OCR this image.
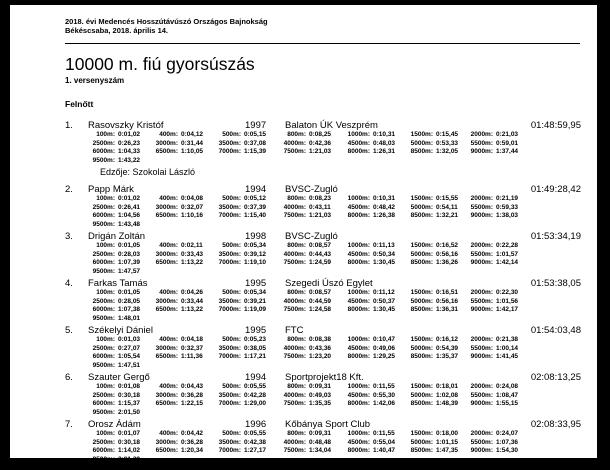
2018. évi Medencés Hosszútávúszó Országos Bajnokság
Békéscsaba, 2018. április 14.
10000 m. fiú gyorsúszás
1. versenyszám
Felnőtt
1.	Rasovszky Kristóf	1997	Balaton ÚK Veszprém	01:48:59,95
100m: 0:01,02	400m: 0:04,12	500m: 0:05,15	800m: 0:08,25	1000m: 0:10,31	1500m: 0:15,45	2000m: 0:21,03
2500m: 0:26,23	3000m: 0:31,44	3500m: 0:37,08	4000m: 0:42,36	4500m: 0:48,03	5000m: 0:53,33	5500m: 0:59,01
6000m: 1:04,33	6500m: 1:10,05	7000m: 1:15,39	7500m: 1:21,03	8000m: 1:26,31	8500m: 1:32,05	9000m: 1:37,44
9500m: 1:43,22
Edzője: Szokolai László
2.	Papp Márk	1994	BVSC-Zugló	01:49:28,42
100m: 0:01,02	400m: 0:04,08	500m: 0:05,12	800m: 0:08,23	1000m: 0:10,31	1500m: 0:15,55	2000m: 0:21,19
2500m: 0:26,41	3000m: 0:32,07	3500m: 0:37,39	4000m: 0:43,11	4500m: 0:48,42	5000m: 0:54,11	5500m: 0:59,33
6000m: 1:04,56	6500m: 1:10,16	7000m: 1:15,40	7500m: 1:21,03	8000m: 1:26,38	8500m: 1:32,21	9000m: 1:38,03
9500m: 1:43,48
3.	Drigán Zoltán	1998	BVSC-Zugló	01:53:34,19
100m: 0:01,05	400m: 0:02,11	500m: 0:05,34	800m: 0:08,57	1000m: 0:11,13	1500m: 0:16,52	2000m: 0:22,28
2500m: 0:28,03	3000m: 0:33,43	3500m: 0:39,12	4000m: 0:44,43	4500m: 0:50,34	5000m: 0:56,16	5500m: 1:01,57
6000m: 1:07,39	6500m: 1:13,22	7000m: 1:19,10	7500m: 1:24,59	8000m: 1:30,45	8500m: 1:36,26	9000m: 1:42,14
9500m: 1:47,57
4.	Farkas Tamás	1995	Szegedi Úszó Egylet	01:53:38,05
100m: 0:01,05	400m: 0:04,26	500m: 0:05,34	800m: 0:08,57	1000m: 0:11,12	1500m: 0:16,51	2000m: 0:22,30
2500m: 0:28,05	3000m: 0:33,44	3500m: 0:39,21	4000m: 0:44,59	4500m: 0:50,37	5000m: 0:56,16	5500m: 1:01,56
6000m: 1:07,38	6500m: 1:13,22	7000m: 1:19,09	7500m: 1:24,58	8000m: 1:30,45	8500m: 1:36,31	9000m: 1:42,17
9500m: 1:48,01
5.	Székelyi Dániel	1995	FTC	01:54:03,48
100m: 0:01,03	400m: 0:04,18	500m: 0:05,23	800m: 0:08,38	1000m: 0:10,47	1500m: 0:16,12	2000m: 0:21,38
2500m: 0:27,07	3000m: 0:32,37	3500m: 0:38,05	4000m: 0:43,36	4500m: 0:49,06	5000m: 0:54,39	5500m: 1:00,14
6000m: 1:05,54	6500m: 1:11,36	7000m: 1:17,21	7500m: 1:23,20	8000m: 1:29,25	8500m: 1:35,37	9000m: 1:41,45
9500m: 1:47,51
6.	Szauter Gergő	1994	Sportprojekt18 Kft.	02:08:13,25
100m: 0:01,08	400m: 0:04,43	500m: 0:05,55	800m: 0:09,31	1000m: 0:11,55	1500m: 0:18,01	2000m: 0:24,08
2500m: 0:30,18	3000m: 0:36,28	3500m: 0:42,28	4000m: 0:49,03	4500m: 0:55,30	5000m: 1:02,08	5500m: 1:08,47
6000m: 1:15,37	6500m: 1:22,15	7000m: 1:29,00	7500m: 1:35,35	8000m: 1:42,06	8500m: 1:48,39	9000m: 1:55,15
9500m: 2:01,50
7.	Orosz Ádám	1996	Kőbánya Sport Club	02:08:33,95
100m: 0:01,07	400m: 0:04,42	500m: 0:05,55	800m: 0:09,31	1000m: 0:11,55	1500m: 0:18,00	2000m: 0:24,07
2500m: 0:30,18	3000m: 0:36,28	3500m: 0:42,38	4000m: 0:48,48	4500m: 0:55,04	5000m: 1:01,15	5500m: 1:07,36
6000m: 1:14,02	6500m: 1:20,34	7000m: 1:27,17	7500m: 1:34,04	8000m: 1:40,47	8500m: 1:47,35	9000m: 1:54,30
9500m: 2:01,29
